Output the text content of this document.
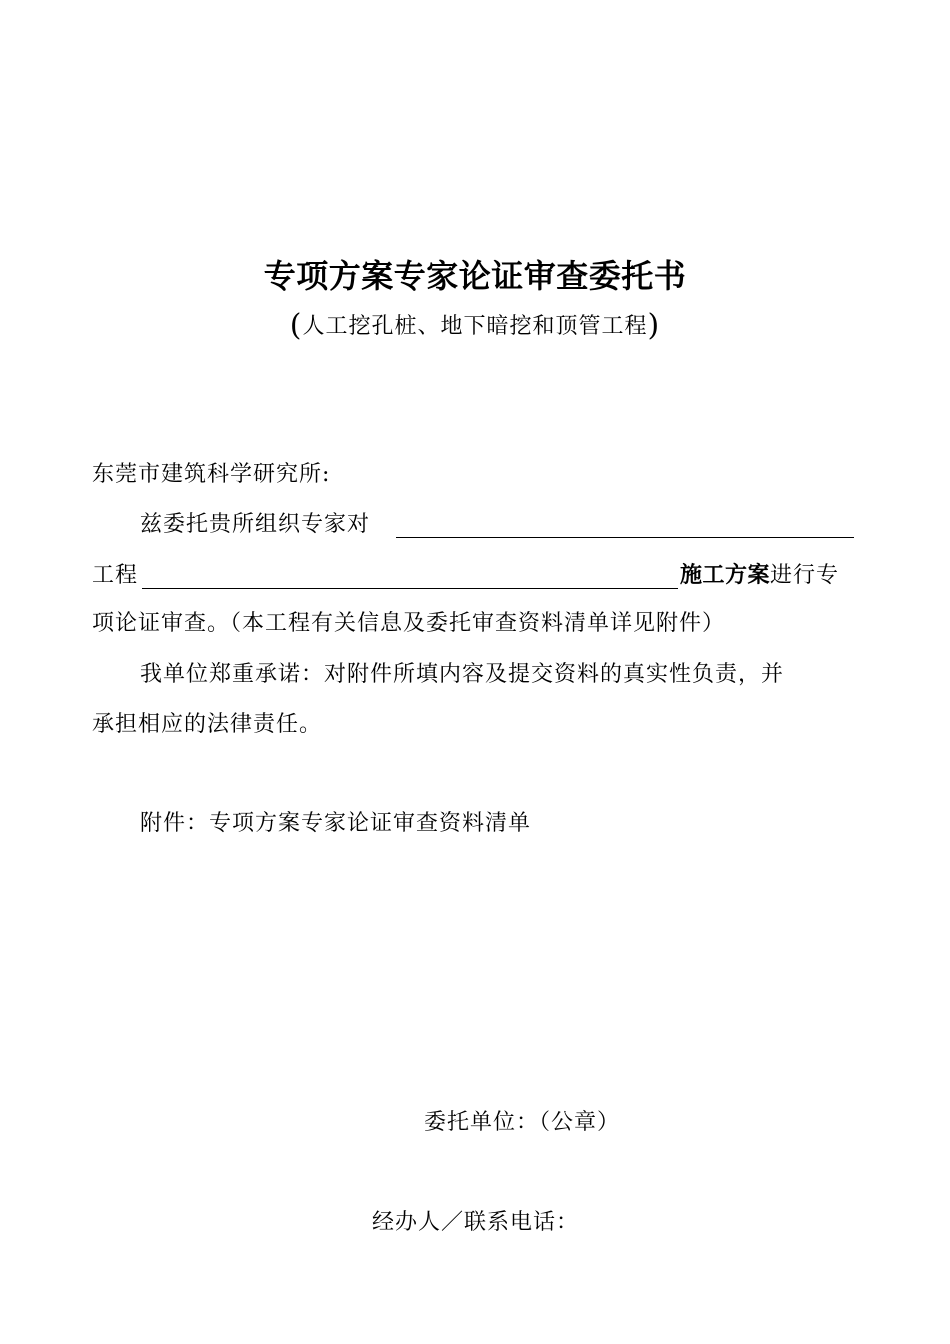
专项方案专家论证审查委托书
(人工挖孔桩、地下暗挖和顶管工程)
东莞市建筑科学研究所:
兹委托贵所组织专家对
工程	施工方案进行专
项论证审查。（本工程有关信息及委托审查资料清单详见附件）
我单位郑重承诺：对附件所填内容及提交资料的真实性负责，并
承担相应的法律责任。
附件：专项方案专家论证审查资料清单
委托单位：（公章）
经办人／联系电话：
